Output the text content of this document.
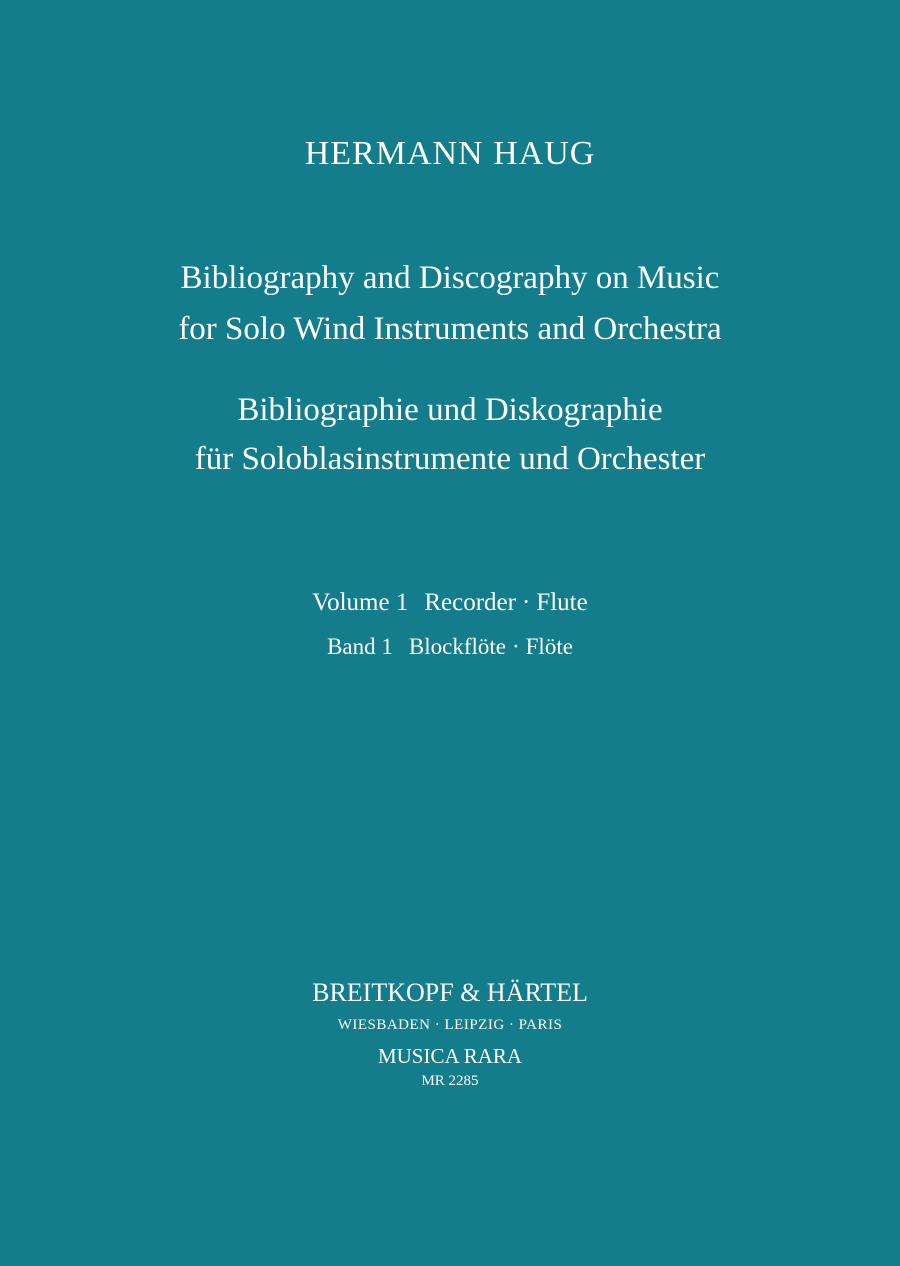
HERMANN HAUG
Bibliography and Discography on Music
for Solo Wind Instruments and Orchestra
Bibliographie und Diskographie
für Soloblasinstrumente und Orchester
Volume 1 Recorder · Flute
Band 1 Blockflöte · Flöte
BREITKOPF & HÄRTEL
WIESBADEN · LEIPZIG · PARIS
MUSICA RARA
MR 2285
